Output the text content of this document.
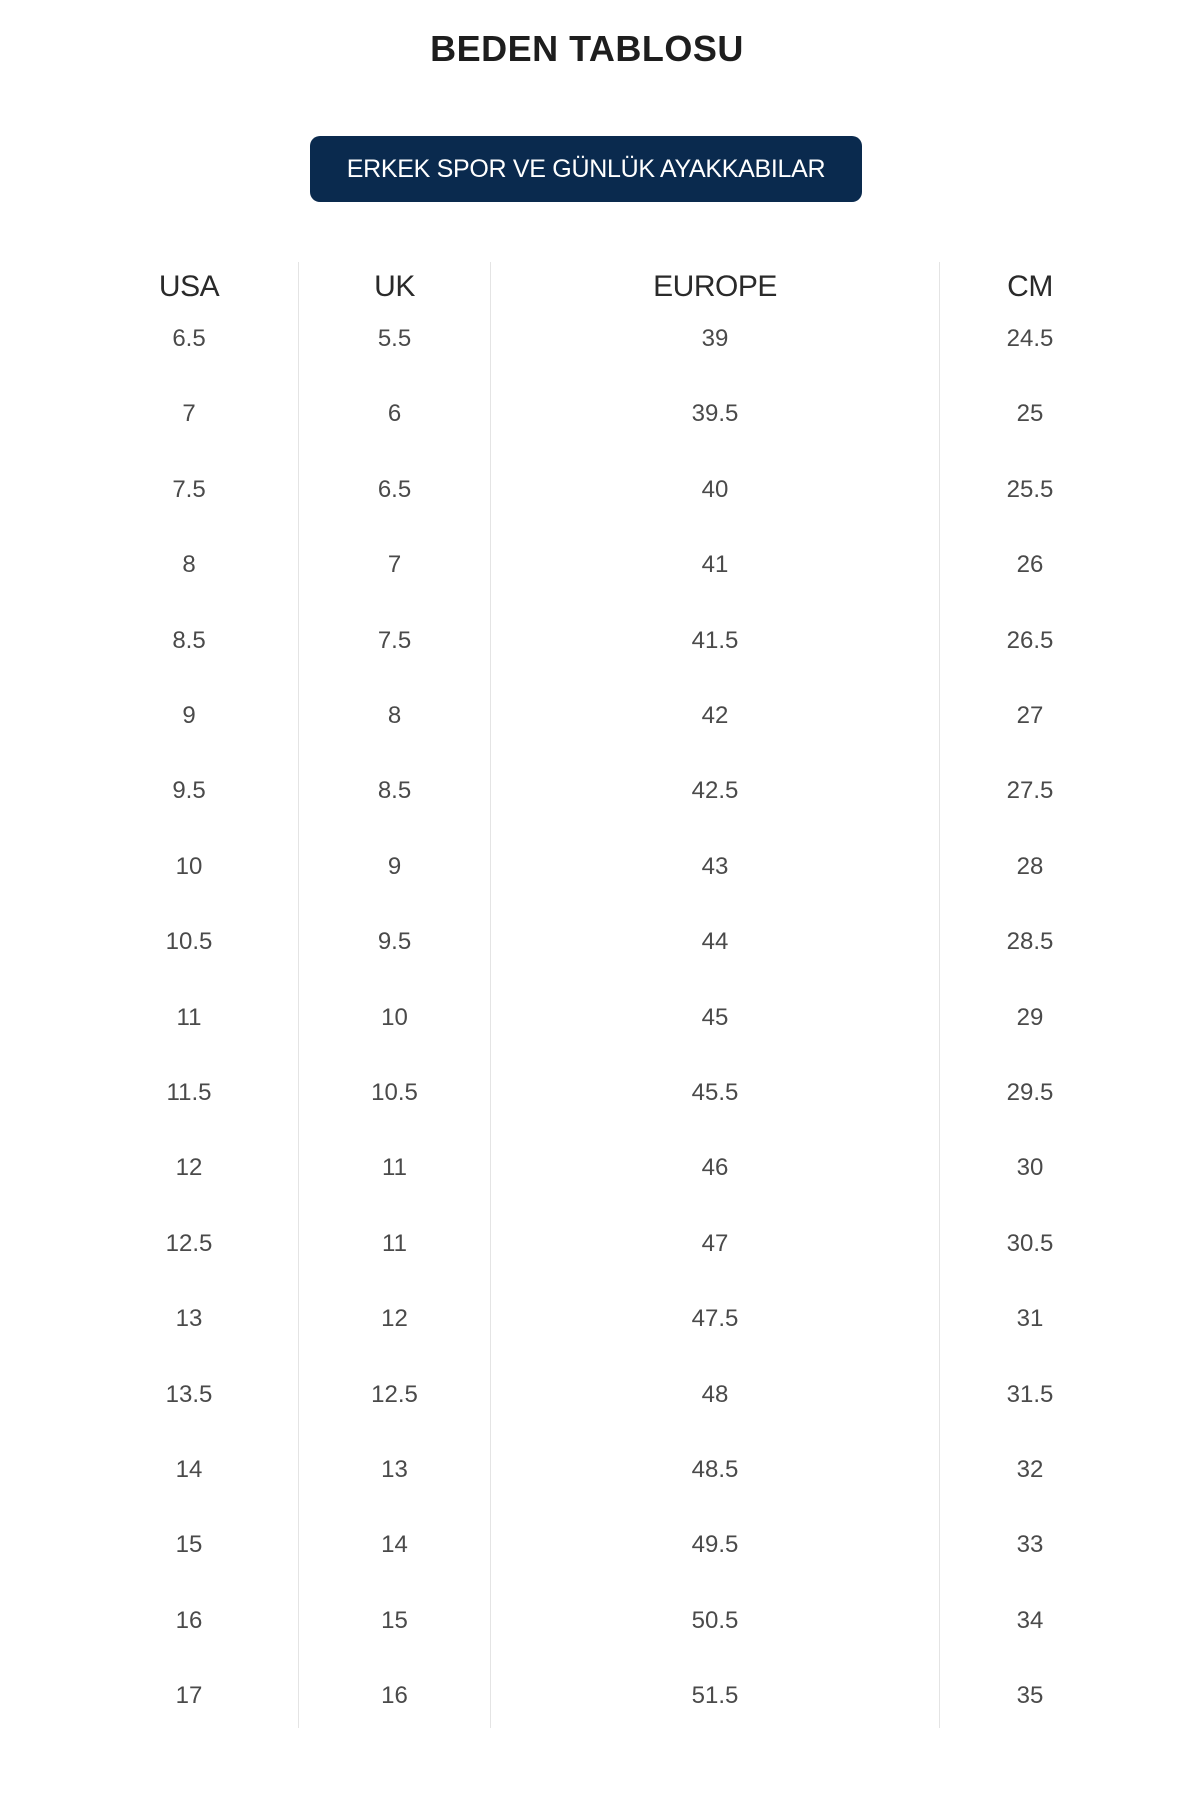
BEDEN TABLOSU
ERKEK SPOR VE GÜNLÜK AYAKKABILAR
USA
6.5
7
7.5
8
8.5
9
9.5
10
10.5
11
11.5
12
12.5
13
13.5
14
15
16
17
UK
5.5
6
6.5
7
7.5
8
8.5
9
9.5
10
10.5
11
11
12
12.5
13
14
15
16
EUROPE
39
39.5
40
41
41.5
42
42.5
43
44
45
45.5
46
47
47.5
48
48.5
49.5
50.5
51.5
CM
24.5
25
25.5
26
26.5
27
27.5
28
28.5
29
29.5
30
30.5
31
31.5
32
33
34
35
